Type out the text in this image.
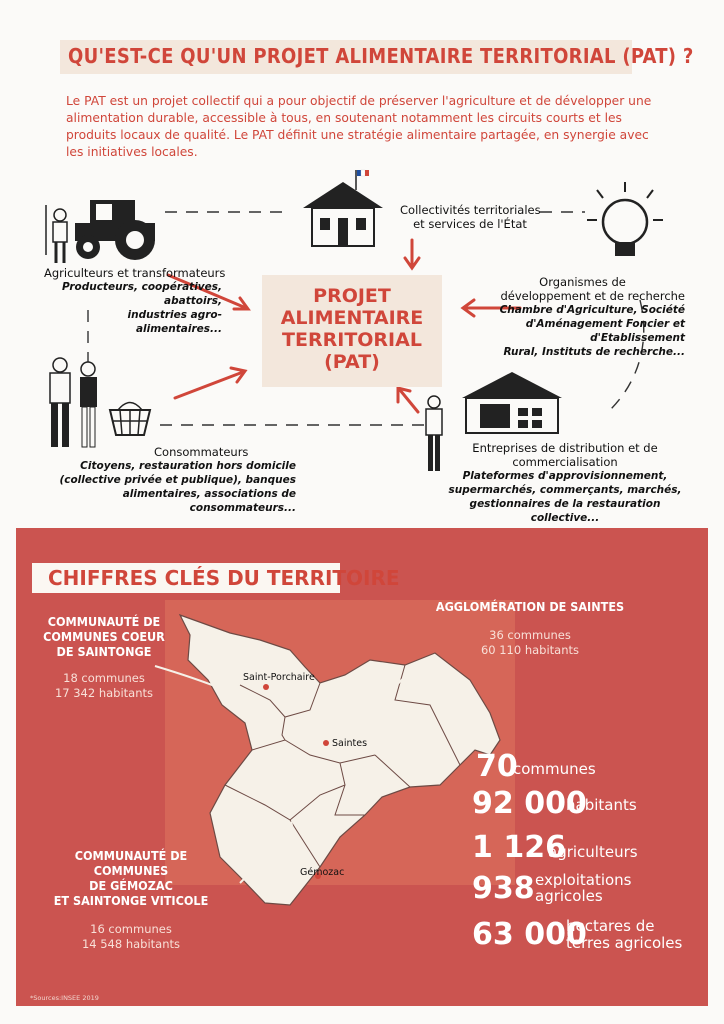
QU'EST-CE QU'UN PROJET ALIMENTAIRE TERRITORIAL (PAT) ?
Le PAT est un projet collectif qui a pour objectif de préserver l'agriculture et de développer une alimentation durable, accessible à tous, en soutenant notamment les circuits courts et les produits locaux de qualité. Le PAT définit une stratégie alimentaire partagée, en synergie avec les initiatives locales.
Collectivités territoriales
et services de l'État
Agriculteurs et transformateurs
Producteurs, coopératives, abattoirs,
industries agro-alimentaires...
Organismes de
développement et de recherche
Chambre d'Agriculture, Société
d'Aménagement Foncier et d'Etablissement
Rural, Instituts de recherche...
Consommateurs
Citoyens, restauration hors domicile
(collective privée et publique), banques
alimentaires, associations de consommateurs...
Entreprises de distribution et de
commercialisation
Plateformes d'approvisionnement,
supermarchés, commerçants, marchés,
gestionnaires de la restauration collective...
PROJET
ALIMENTAIRE
TERRITORIAL
(PAT)
CHIFFRES CLÉS DU TERRITOIRE
Saint-Porchaire
Saintes
Gémozac
COMMUNAUTÉ DE
COMMUNES COEUR
DE SAINTONGE
18 communes
17 342 habitants
AGGLOMÉRATION DE SAINTES
36 communes
60 110 habitants
COMMUNAUTÉ DE COMMUNES
DE GÉMOZAC
ET SAINTONGE VITICOLE
16 communes
14 548 habitants
70
communes
92 000
habitants
1 126
agriculteurs
938 exploitations
agricoles
63 000
hectares de
terres agricoles
*Sources:INSEE 2019
